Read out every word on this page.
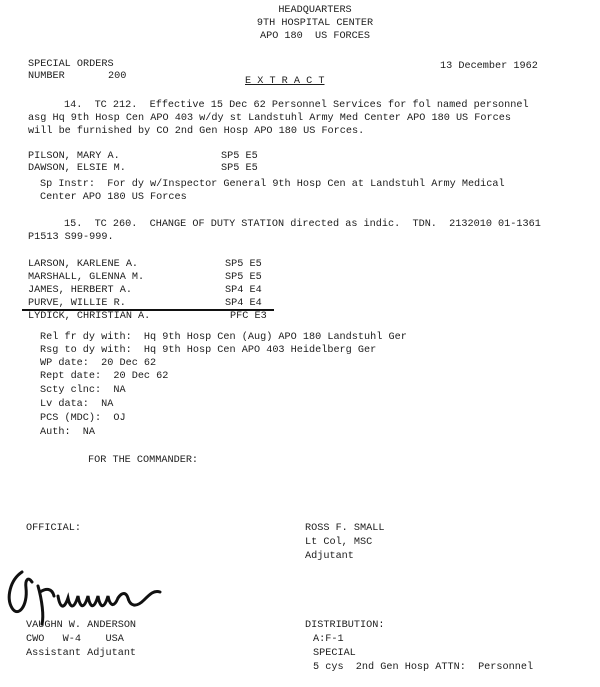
HEADQUARTERS
9TH HOSPITAL CENTER
APO 180  US FORCES
SPECIAL ORDERS
NUMBER	200
13 December 1962
E X T R A C T
14.  TC 212.  Effective 15 Dec 62 Personnel Services for fol named personnel
asg Hq 9th Hosp Cen APO 403 w/dy st Landstuhl Army Med Center APO 180 US Forces
will be furnished by CO 2nd Gen Hosp APO 180 US Forces.
PILSON, MARY A.	SP5 E5
DAWSON, ELSIE M.	SP5 E5
Sp Instr:  For dy w/Inspector General 9th Hosp Cen at Landstuhl Army Medical
Center APO 180 US Forces
15.  TC 260.  CHANGE OF DUTY STATION directed as indic.  TDN.  2132010 01-1361
P1513 S99-999.
LARSON, KARLENE A.	SP5 E5
MARSHALL, GLENNA M.	SP5 E5
JAMES, HERBERT A.	SP4 E4
PURVE, WILLIE R.	SP4 E4
LYDICK, CHRISTIAN A.	PFC E3
Rel fr dy with:  Hq 9th Hosp Cen (Aug) APO 180 Landstuhl Ger
Rsg to dy with:  Hq 9th Hosp Cen APO 403 Heidelberg Ger
WP date:  20 Dec 62
Rept date:  20 Dec 62
Scty clnc:  NA
Lv data:  NA
PCS (MDC):  OJ
Auth:  NA
FOR THE COMMANDER:
OFFICIAL:	ROSS F. SMALL
Lt Col, MSC
Adjutant
VAUGHN W. ANDERSON
CWO   W-4    USA
Assistant Adjutant
DISTRIBUTION:
A:F-1
SPECIAL
5 cys  2nd Gen Hosp ATTN:  Personnel
